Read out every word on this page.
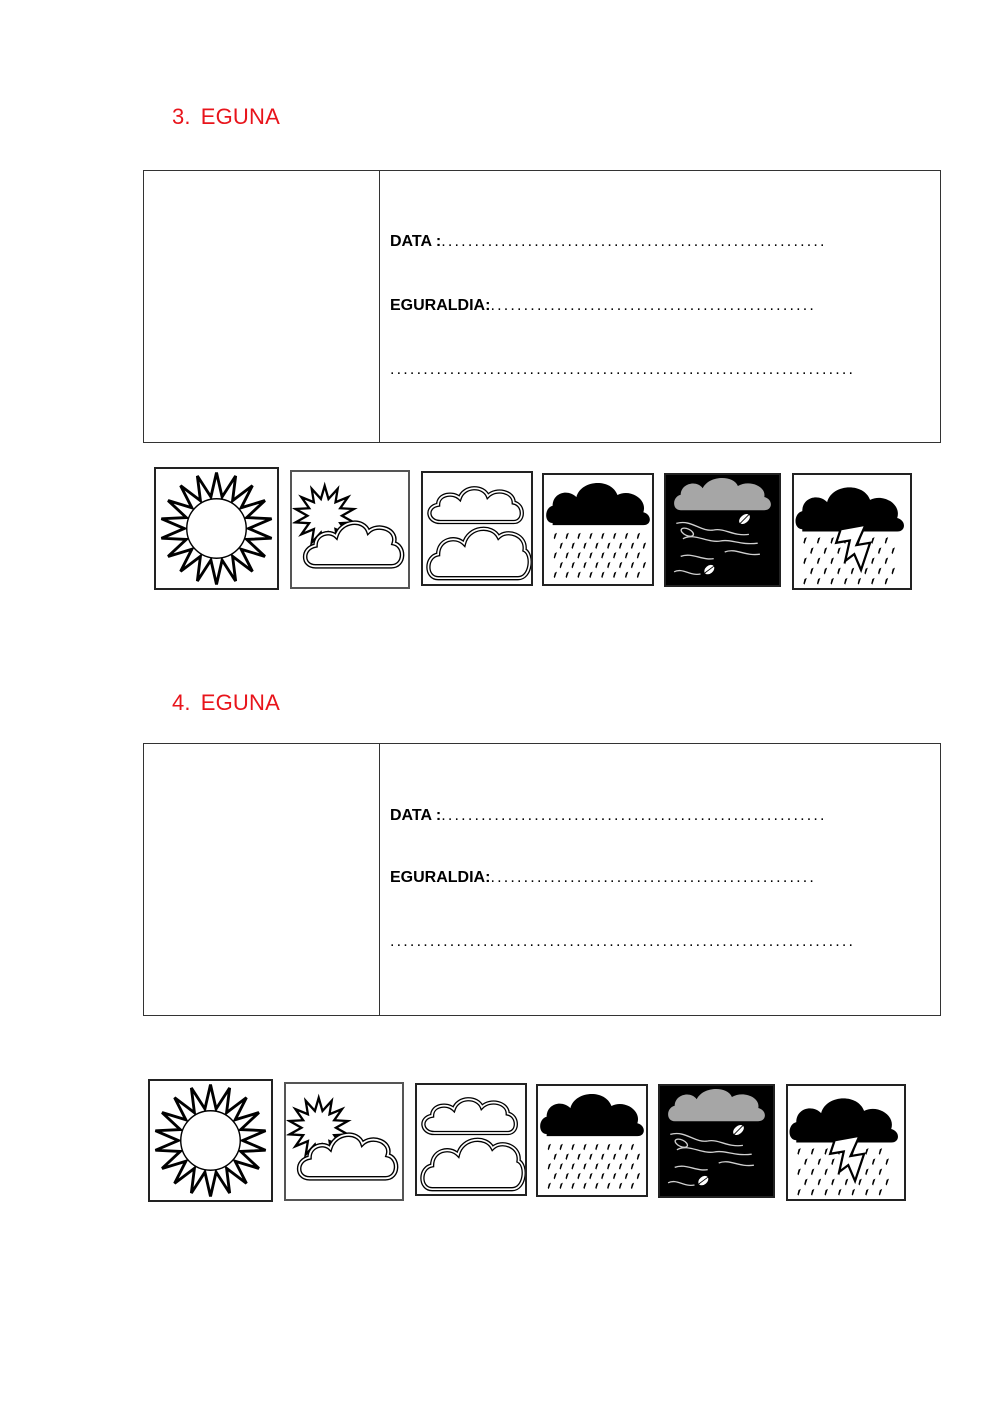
3. EGUNA
DATA :..........................................................
EGURALDIA:.................................................
......................................................................
4. EGUNA
DATA :..........................................................
EGURALDIA:.................................................
......................................................................
